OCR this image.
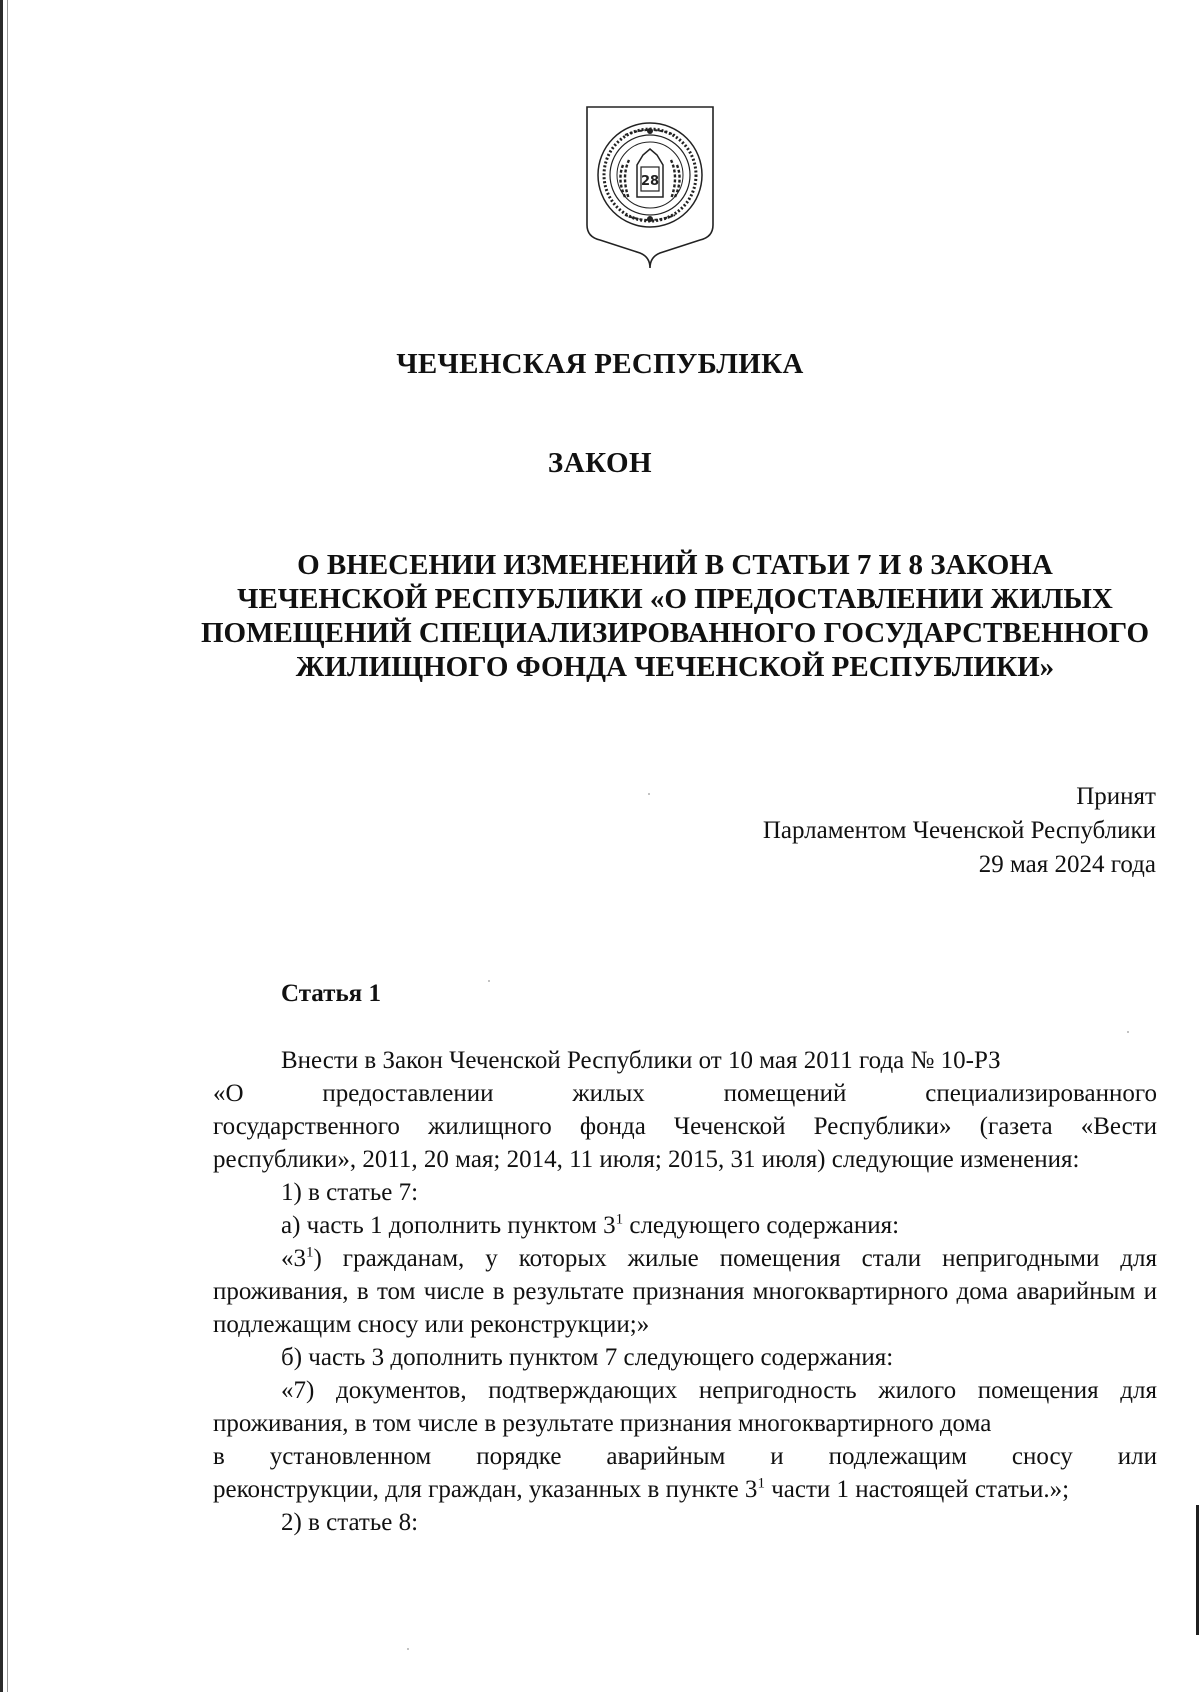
28

ЧЕЧЕНСКАЯ РЕСПУБЛИКА

ЗАКОН

О ВНЕСЕНИИ ИЗМЕНЕНИЙ В СТАТЬИ 7 И 8 ЗАКОНА
ЧЕЧЕНСКОЙ РЕСПУБЛИКИ «О ПРЕДОСТАВЛЕНИИ ЖИЛЫХ
ПОМЕЩЕНИЙ СПЕЦИАЛИЗИРОВАННОГО ГОСУДАРСТВЕННОГО
ЖИЛИЩНОГО ФОНДА ЧЕЧЕНСКОЙ РЕСПУБЛИКИ»
Принят
Парламентом Чеченской Республики
29 мая 2024 года

Статья 1

Внести в Закон Чеченской Республики от 10 мая 2011 года № 10-РЗ

«О	предоставлении	жилых	помещений	специализированного

государственного жилищного фонда Чеченской Республики» (газета «Вести республики», 2011, 20 мая; 2014, 11 июля; 2015, 31 июля) следующие изменения:

1) в статье 7:

а) часть 1 дополнить пунктом $3^1$ следующего содержания:

«$3^1$) гражданам, у которых жилые помещения стали непригодными для проживания, в том числе в результате признания многоквартирного дома аварийным и подлежащим сносу или реконструкции;»

б) часть 3 дополнить пунктом 7 следующего содержания:

«7) документов, подтверждающих непригодность жилого помещения для проживания, в том числе в результате признания многоквартирного дома

в установленном порядке аварийным и подлежащим сносу или

реконструкции, для граждан, указанных в пункте $3^1$ части 1 настоящей статьи.»;

2) в статье 8:
